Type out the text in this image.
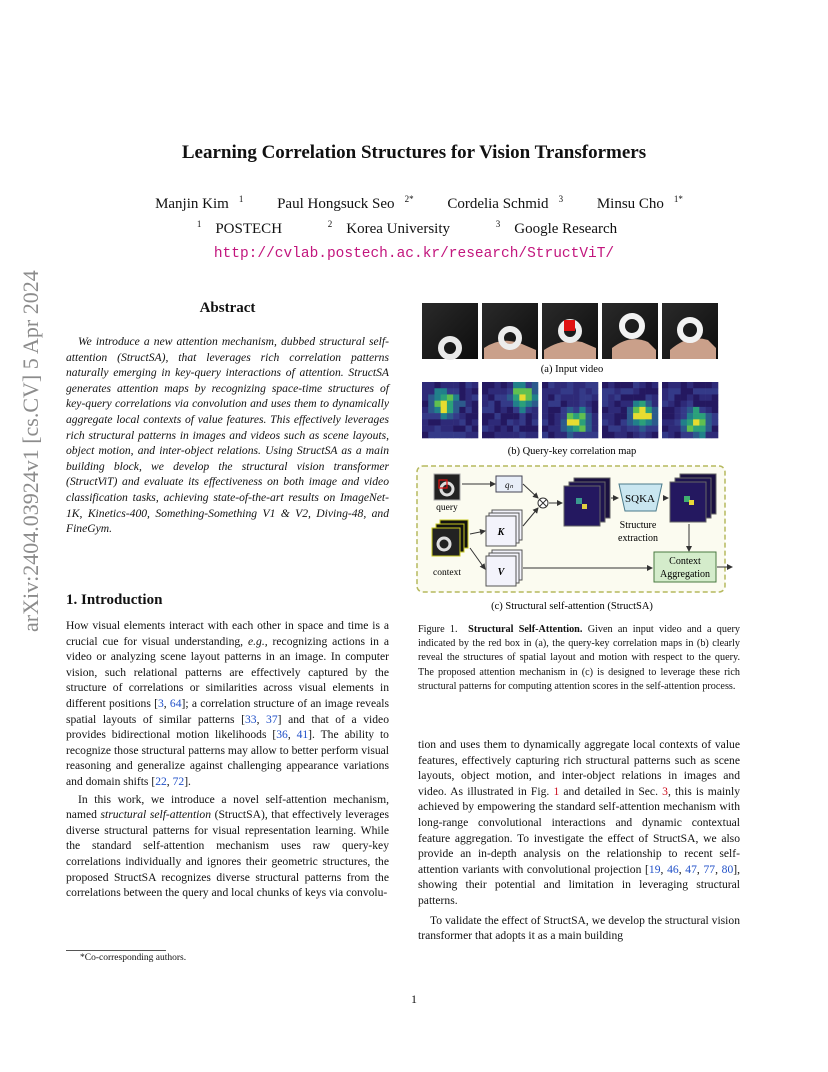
Learning Correlation Structures for Vision Transformers
Manjin Kim $^1$ Paul Hongsuck Seo $^{2*}$ Cordelia Schmid $^3$ Minsu Cho $^{1*}$
$^1$ POSTECH	$^2$ Korea University	$^3$ Google Research
http://cvlab.postech.ac.kr/research/StructViT/
arXiv:2404.03924v1 [cs.CV] 5 Apr 2024	Abstract

We introduce a new attention mechanism, dubbed structural self-attention (StructSA), that leverages rich correlation patterns naturally emerging in key-query interactions of attention. StructSA generates attention maps by recognizing space-time structures of key-query correlations via convolution and uses them to dynamically aggregate local contexts of value features. This effectively leverages rich structural patterns in images and videos such as scene layouts, object motion, and inter-object relations. Using StructSA as a main building block, we develop the structural vision transformer (StructViT) and evaluate its effectiveness on both image and video classification tasks, achieving state-of-the-art results on ImageNet-1K, Kinetics-400, Something-Something V1 & V2, Diving-48, and FineGym.

1. Introduction

How visual elements interact with each other in space and time is a crucial cue for visual understanding, e.g., recognizing actions in a video or analyzing scene layout patterns in an image. In computer vision, such relational patterns are effectively captured by the structure of correlations or similarities across visual elements in different positions [3, 64]; a correlation structure of an image reveals spatial layouts of similar patterns [33, 37] and that of a video provides bidirectional motion likelihoods [36, 41]. The ability to recognize those structural patterns may allow to better perform visual reasoning and generalize against challenging appearance variations and domain shifts [22, 72].

In this work, we introduce a novel self-attention mechanism, named structural self-attention (StructSA), that effectively leverages diverse structural patterns for visual representation learning. While the standard self-attention mechanism uses raw query-key correlations individually and ignores their geometric structures, the proposed StructSA recognizes diverse structural patterns from the correlations between the query and local chunks of keys via convolu-

*Co-corresponding authors.
(a) Input video
(b) Query-key correlation map
query
context
qₙ
K
V
SQKA
Structure
extraction
Context
Aggregation
(c) Structural self-attention (StructSA)
Figure 1. Structural Self-Attention. Given an input video and a query indicated by the red box in (a), the query-key correlation maps in (b) clearly reveal the structures of spatial layout and motion with respect to the query. The proposed attention mechanism in (c) is designed to leverage these rich structural patterns for computing attention scores in the self-attention process.

tion and uses them to dynamically aggregate local contexts of value features, effectively capturing rich structural patterns such as scene layouts, object motion, and inter-object relations in images and video. As illustrated in Fig. 1 and detailed in Sec. 3, this is mainly achieved by empowering the standard self-attention mechanism with long-range convolutional interactions and dynamic contextual feature aggregation. To investigate the effect of StructSA, we also provide an in-depth analysis on the relationship to recent self-attention variants with convolutional projection [19, 46, 47, 77, 80], showing their potential and limitation in leveraging structural patterns.

To validate the effect of StructSA, we develop the structural vision transformer that adopts it as a main building

1
